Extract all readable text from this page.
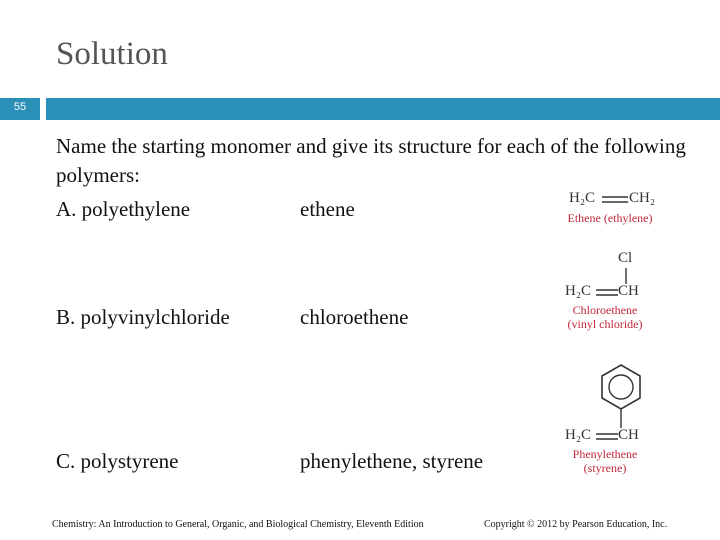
Solution
55
Name the starting monomer and give its structure for each of the following polymers:
A. polyethylene	ethene
B. polyvinylchloride	chloroethene
C. polystyrene	phenylethene, styrene
H₂C CH₂
Ethene (ethylene)
Cl
H₂C CH
Chloroethene
(vinyl chloride)
H₂C CH
Phenylethene
(styrene)
Chemistry: An Introduction to General, Organic, and Biological Chemistry, Eleventh Edition	Copyright © 2012 by Pearson Education, Inc.
